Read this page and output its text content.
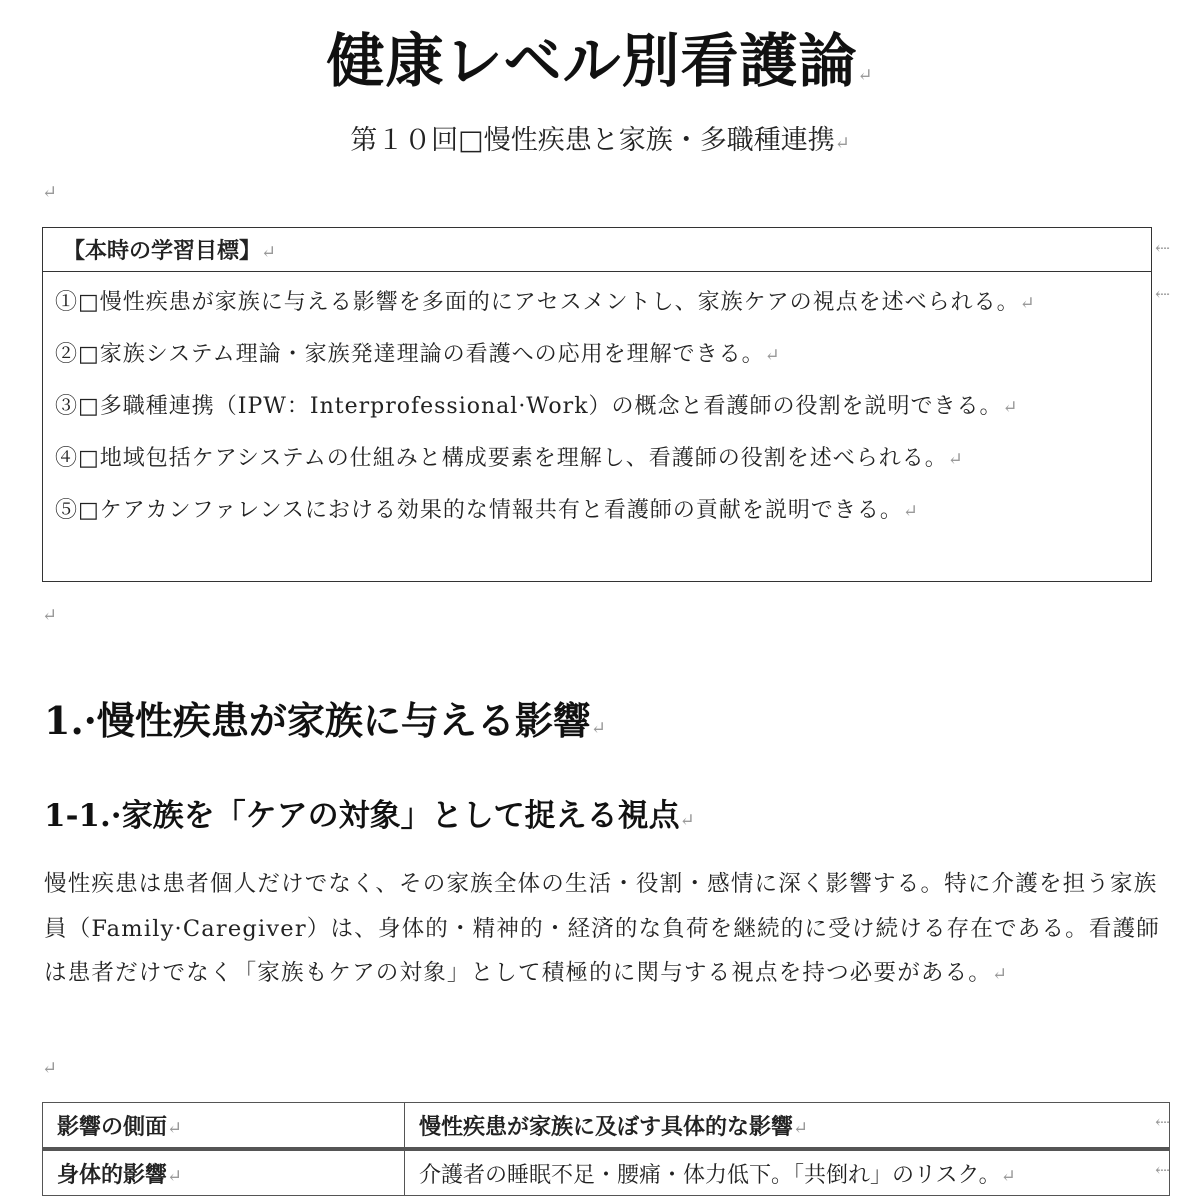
健康レベル別看護論↵
第１０回□慢性疾患と家族・多職種連携↵
↵
【本時の学習目標】↵
①□慢性疾患が家族に与える影響を多面的にアセスメントし、家族ケアの視点を述べられる。↵
②□家族システム理論・家族発達理論の看護への応用を理解できる。↵
③□多職種連携（IPW：Interprofessional·Work）の概念と看護師の役割を説明できる。↵
④□地域包括ケアシステムの仕組みと構成要素を理解し、看護師の役割を述べられる。↵
⑤□ケアカンファレンスにおける効果的な情報共有と看護師の貢献を説明できる。↵
⇠
⇠
↵
1.·慢性疾患が家族に与える影響↵
1-1.·家族を「ケアの対象」として捉える視点↵
慢性疾患は患者個人だけでなく、その家族全体の生活・役割・感情に深く影響する。特に介護を担う家族員（Family·Caregiver）は、身体的・精神的・経済的な負荷を継続的に受け続ける存在である。看護師は患者だけでなく「家族もケアの対象」として積極的に関与する視点を持つ必要がある。↵
↵
影響の側面↵	慢性疾患が家族に及ぼす具体的な影響↵
身体的影響↵	介護者の睡眠不足・腰痛・体力低下。「共倒れ」のリスク。↵
⇠
⇠
